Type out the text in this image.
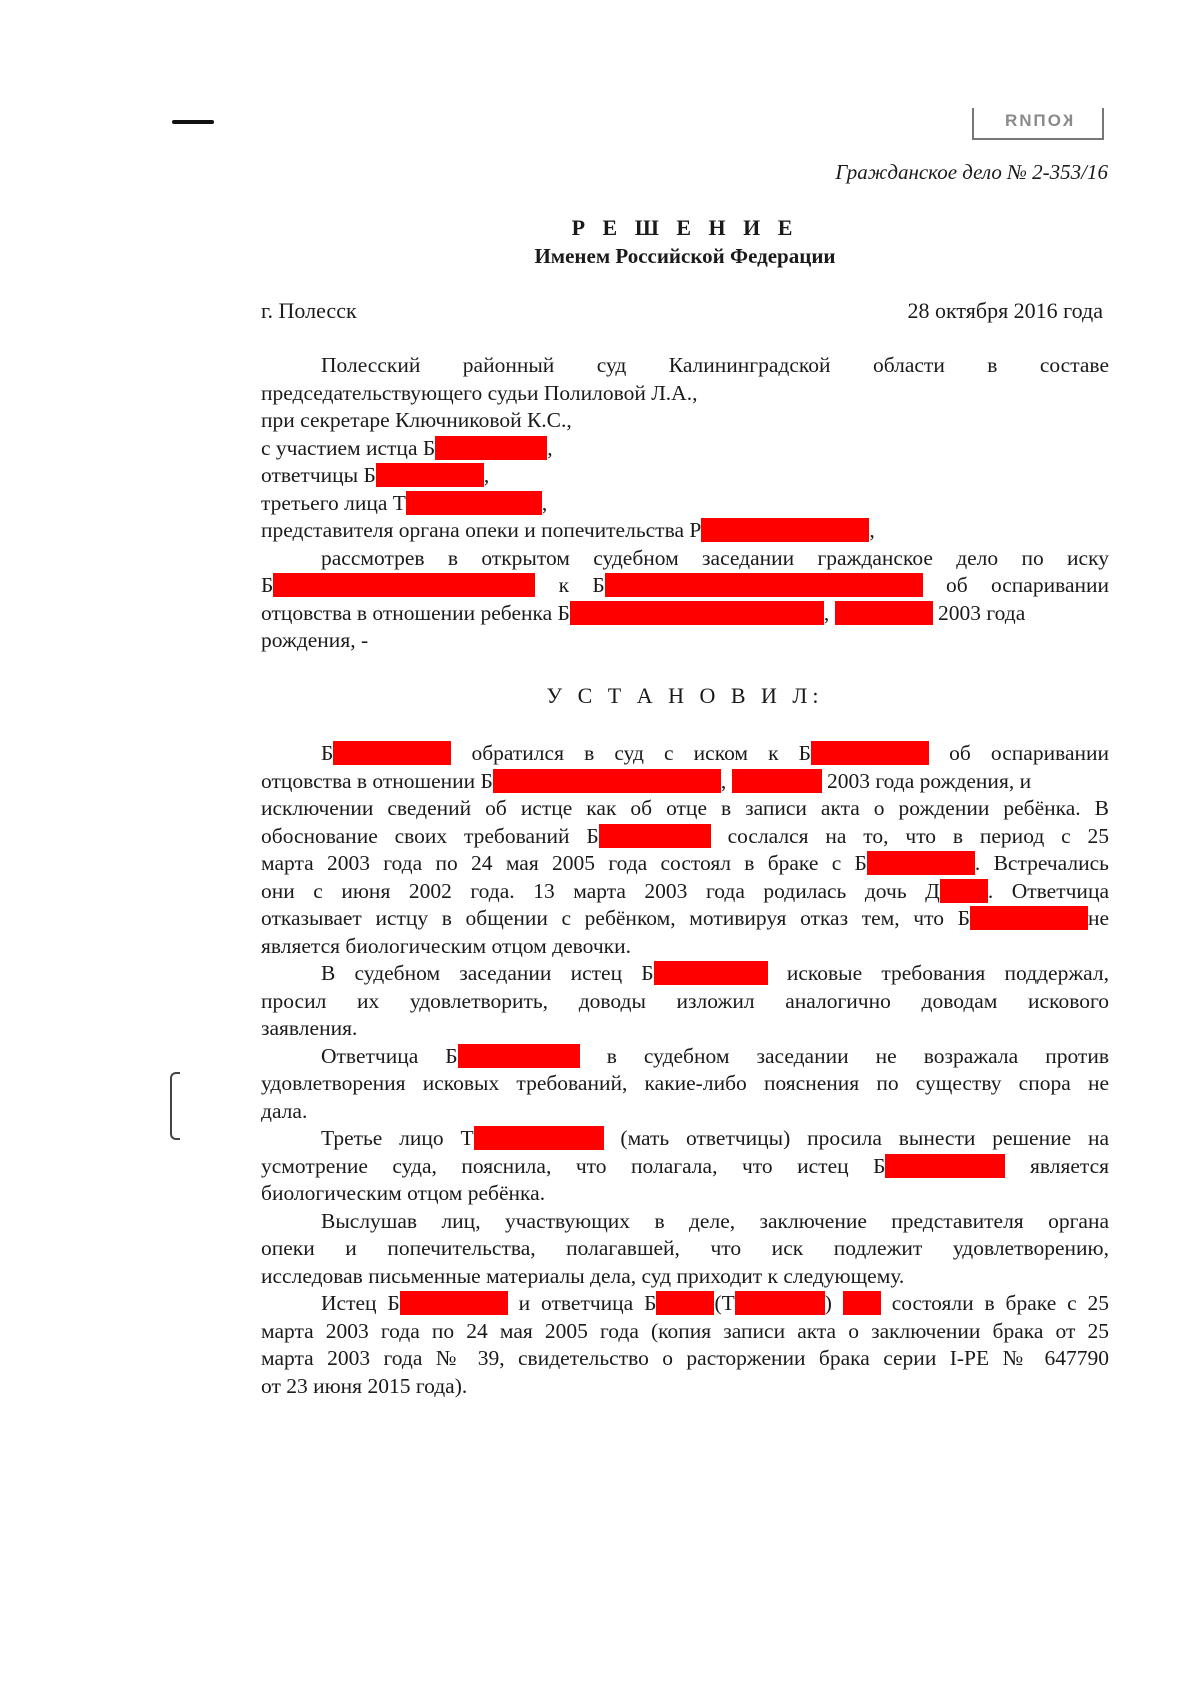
КОПИЯ
Гражданское дело № 2-353/16
Р Е Ш Е Н И Е
Именем Российской Федерации
г. Полесск	28 октября 2016 года
Полесский районный суд Калининградской области в составе
председательствующего судьи Полиловой Л.А.,
при секретаре Ключниковой К.С.,
с участием истца Б	,
ответчицы Б	,
третьего лица Т	,
представителя органа опеки и попечительства Р	,
рассмотрев в открытом судебном заседании гражданское дело по иску
Б	к Б	об оспаривании
отцовства в отношении ребенка Б	,	2003 года
рождения, -
У С Т А Н О В И Л:
Б	обратился в суд с иском к Б	об оспаривании
отцовства в отношении Б	,	2003 года рождения, и
исключении сведений об истце как об отце в записи акта о рождении ребёнка. В
обоснование своих требований Б	сослался на то, что в период с 25
марта 2003 года по 24 мая 2005 года состоял в браке с Б	. Встречались
они с июня 2002 года. 13 марта 2003 года родилась дочь Д . Ответчица
отказывает истцу в общении с ребёнком, мотивируя отказ тем, что Б	не
является биологическим отцом девочки.
В судебном заседании истец Б	исковые требования поддержал,
просил их удовлетворить, доводы изложил аналогично доводам искового
заявления.
Ответчица Б	в судебном заседании не возражала против
удовлетворения исковых требований, какие-либо пояснения по существу спора не
дала.
Третье лицо Т	(мать ответчицы) просила вынести решение на
усмотрение суда, пояснила, что полагала, что истец Б	является
биологическим отцом ребёнка.
Выслушав лиц, участвующих в деле, заключение представителя органа
опеки и попечительства, полагавшей, что иск подлежит удовлетворению,
исследовав письменные материалы дела, суд приходит к следующему.
Истец Б	и ответчица Б	(Т	)	состояли в браке с 25
марта 2003 года по 24 мая 2005 года (копия записи акта о заключении брака от 25
марта 2003 года № 39, свидетельство о расторжении брака серии I-РЕ № 647790
от 23 июня 2015 года).
